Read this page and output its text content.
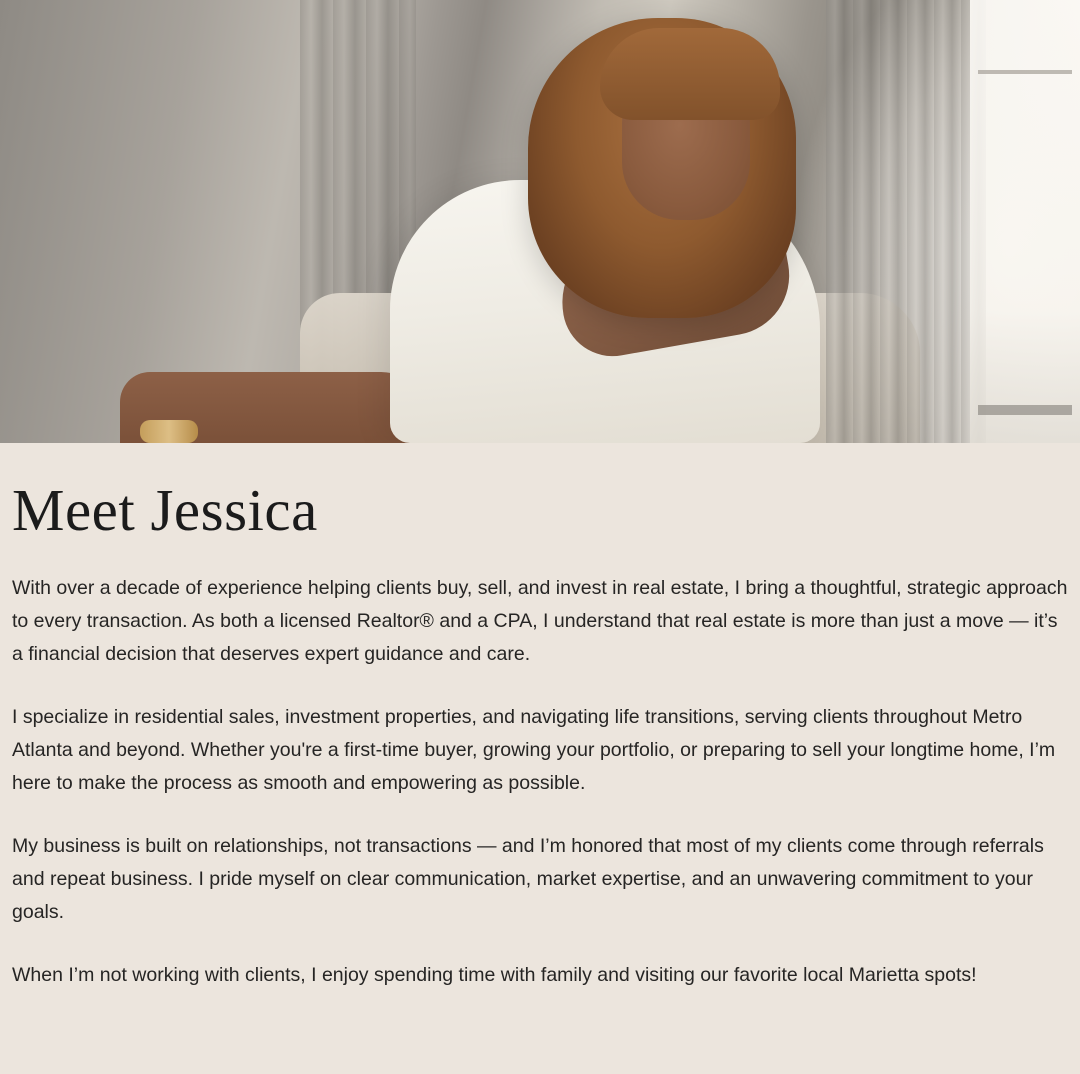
Meet Jessica

With over a decade of experience helping clients buy, sell, and invest in real estate, I bring a thoughtful, strategic approach to every transaction. As both a licensed Realtor® and a CPA, I understand that real estate is more than just a move — it’s a financial decision that deserves expert guidance and care.

I specialize in residential sales, investment properties, and navigating life transitions, serving clients throughout Metro Atlanta and beyond. Whether you're a first-time buyer, growing your portfolio, or preparing to sell your longtime home, I’m here to make the process as smooth and empowering as possible.

My business is built on relationships, not transactions — and I’m honored that most of my clients come through referrals and repeat business. I pride myself on clear communication, market expertise, and an unwavering commitment to your goals.

When I’m not working with clients, I enjoy spending time with family and visiting our favorite local Marietta spots!
